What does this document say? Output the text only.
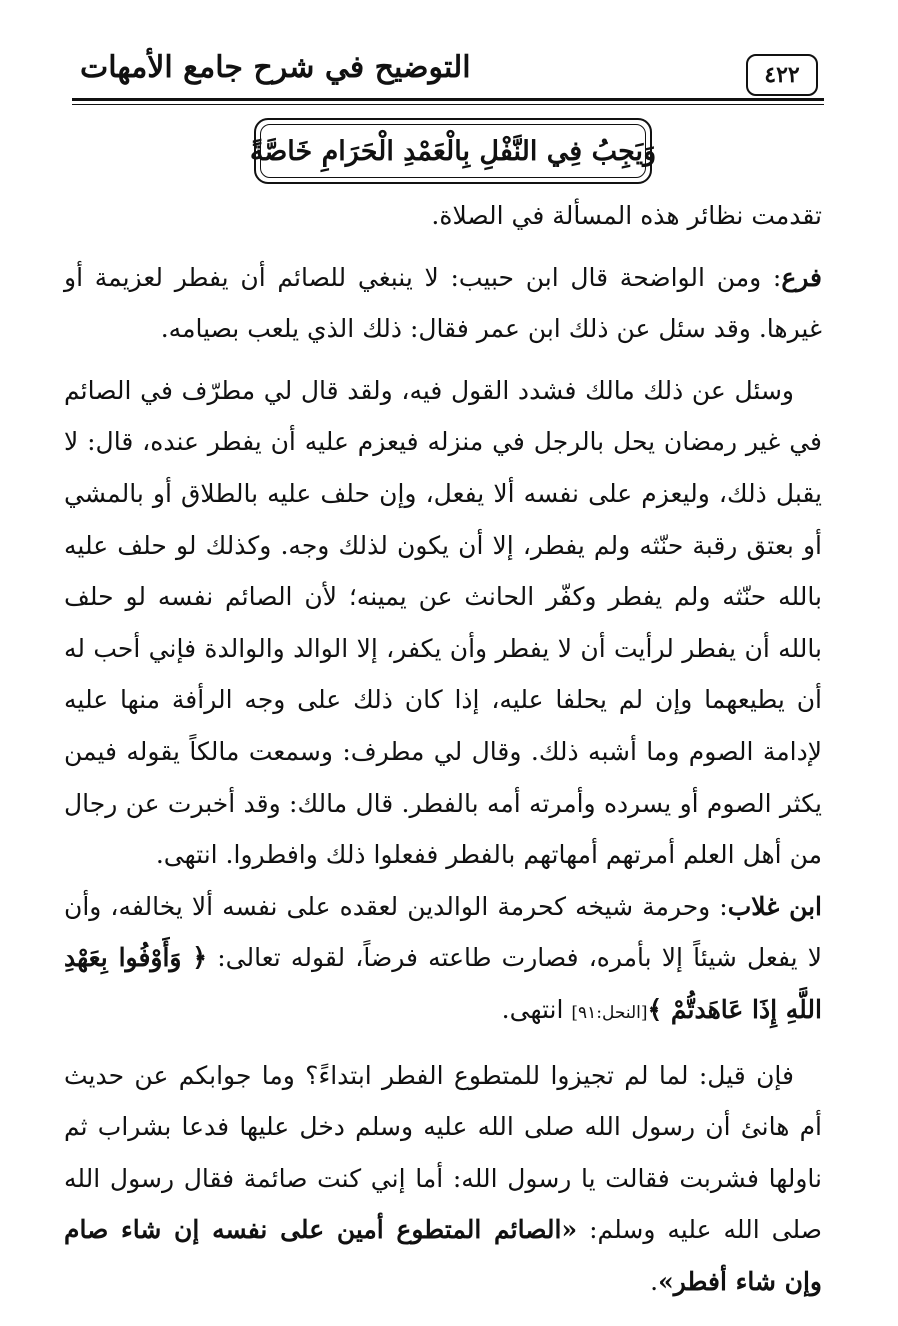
التوضيح في شرح جامع الأمهات	٤٢٢
وَيَجِبُ فِي النَّفْلِ بِالْعَمْدِ الْحَرَامِ خَاصَّةً

تقدمت نظائر هذه المسألة في الصلاة.

فرع: ومن الواضحة قال ابن حبيب: لا ينبغي للصائم أن يفطر لعزيمة أو غيرها. وقد سئل عن ذلك ابن عمر فقال: ذلك الذي يلعب بصيامه.

وسئل عن ذلك مالك فشدد القول فيه، ولقد قال لي مطرّف في الصائم في غير رمضان يحل بالرجل في منزله فيعزم عليه أن يفطر عنده، قال: لا يقبل ذلك، وليعزم على نفسه ألا يفعل، وإن حلف عليه بالطلاق أو بالمشي أو بعتق رقبة حنّثه ولم يفطر، إلا أن يكون لذلك وجه. وكذلك لو حلف عليه بالله حنّثه ولم يفطر وكفّر الحانث عن يمينه؛ لأن الصائم نفسه لو حلف بالله أن يفطر لرأيت أن لا يفطر وأن يكفر، إلا الوالد والوالدة فإني أحب له أن يطيعهما وإن لم يحلفا عليه، إذا كان ذلك على وجه الرأفة منها عليه لإدامة الصوم وما أشبه ذلك. وقال لي مطرف: وسمعت مالكاً يقوله فيمن يكثر الصوم أو يسرده وأمرته أمه بالفطر. قال مالك: وقد أخبرت عن رجال من أهل العلم أمرتهم أمهاتهم بالفطر ففعلوا ذلك وافطروا. انتهى.

ابن غلاب: وحرمة شيخه كحرمة الوالدين لعقده على نفسه ألا يخالفه، وأن لا يفعل شيئاً إلا بأمره، فصارت طاعته فرضاً، لقوله تعالى: ﴿ وَأَوْفُوا بِعَهْدِ اللَّهِ إِذَا عَاهَدتُّمْ ﴾[النحل:٩١] انتهى.

فإن قيل: لما لم تجيزوا للمتطوع الفطر ابتداءً؟ وما جوابكم عن حديث أم هانئ أن رسول الله صلى الله عليه وسلم دخل عليها فدعا بشراب ثم ناولها فشربت فقالت يا رسول الله: أما إني كنت صائمة فقال رسول الله صلى الله عليه وسلم: «الصائم المتطوع أمين على نفسه إن شاء صام وإن شاء أفطر».
